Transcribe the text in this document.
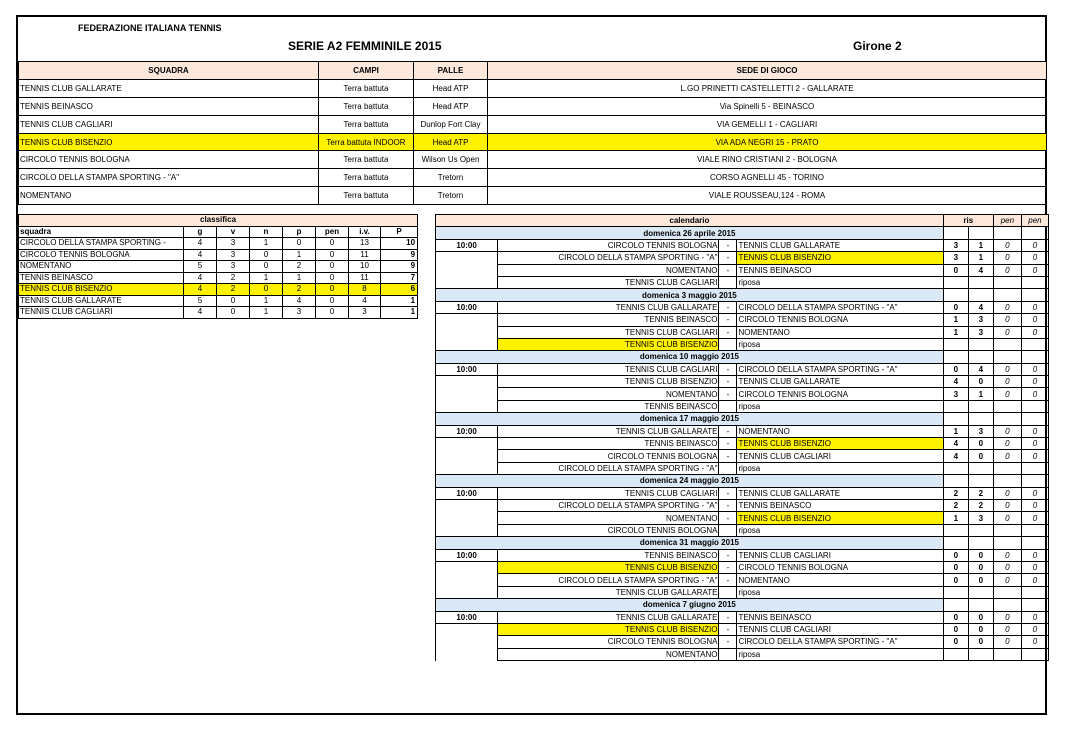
FEDERAZIONE ITALIANA TENNIS
SERIE A2 FEMMINILE 2015	Girone 2
SQUADRA	CAMPI	PALLE	SEDE DI GIOCO
TENNIS CLUB GALLARATE	Terra battuta	Head ATP	L.GO PRINETTI CASTELLETTI 2 - GALLARATE
TENNIS BEINASCO	Terra battuta	Head ATP	Via Spinelli 5 - BEINASCO
TENNIS CLUB CAGLIARI	Terra battuta	Dunlop Fort Clay	VIA GEMELLI 1 - CAGLIARI
TENNIS CLUB BISENZIO	Terra battuta INDOOR	Head ATP	VIA ADA NEGRI 15 - PRATO
CIRCOLO TENNIS BOLOGNA	Terra battuta	Wilson Us Open	VIALE RINO CRISTIANI 2 - BOLOGNA
CIRCOLO DELLA STAMPA SPORTING - "A"	Terra battuta	Tretorn	CORSO AGNELLI 45 - TORINO
NOMENTANO	Terra battuta	Tretorn	VIALE ROUSSEAU,124 - ROMA
classifica							
squadra	g	v	n	p	pen	i.v.	P
CIRCOLO DELLA STAMPA SPORTING -	4	3	1	0	0	13	10
CIRCOLO TENNIS BOLOGNA	4	3	0	1	0	11	9
NOMENTANO	5	3	0	2	0	10	9
TENNIS BEINASCO	4	2	1	1	0	11	7
TENNIS CLUB BISENZIO	4	2	0	2	0	8	6
TENNIS CLUB GALLARATE	5	0	1	4	0	4	1
TENNIS CLUB CAGLIARI	4	0	1	3	0	3	1
calendario				ris		pen	pen
domenica 26 aprile 2015							
10:00	CIRCOLO TENNIS BOLOGNA	-	TENNIS CLUB GALLARATE	3	1	0	0
	CIRCOLO DELLA STAMPA SPORTING - "A"	-	TENNIS CLUB BISENZIO	3	1	0	0
	NOMENTANO	-	TENNIS BEINASCO	0	4	0	0
	TENNIS CLUB CAGLIARI		riposa				
domenica 3 maggio 2015							
10:00	TENNIS CLUB GALLARATE	-	CIRCOLO DELLA STAMPA SPORTING - "A"	0	4	0	0
	TENNIS BEINASCO	-	CIRCOLO TENNIS BOLOGNA	1	3	0	0
	TENNIS CLUB CAGLIARI	-	NOMENTANO	1	3	0	0
	TENNIS CLUB BISENZIO		riposa				
domenica 10 maggio 2015							
10:00	TENNIS CLUB CAGLIARI	-	CIRCOLO DELLA STAMPA SPORTING - "A"	0	4	0	0
	TENNIS CLUB BISENZIO	-	TENNIS CLUB GALLARATE	4	0	0	0
	NOMENTANO	-	CIRCOLO TENNIS BOLOGNA	3	1	0	0
	TENNIS BEINASCO		riposa				
domenica 17 maggio 2015							
10:00	TENNIS CLUB GALLARATE	-	NOMENTANO	1	3	0	0
	TENNIS BEINASCO	-	TENNIS CLUB BISENZIO	4	0	0	0
	CIRCOLO TENNIS BOLOGNA	-	TENNIS CLUB CAGLIARI	4	0	0	0
	CIRCOLO DELLA STAMPA SPORTING - "A"		riposa				
domenica 24 maggio 2015							
10:00	TENNIS CLUB CAGLIARI	-	TENNIS CLUB GALLARATE	2	2	0	0
	CIRCOLO DELLA STAMPA SPORTING - "A"	-	TENNIS BEINASCO	2	2	0	0
	NOMENTANO	-	TENNIS CLUB BISENZIO	1	3	0	0
	CIRCOLO TENNIS BOLOGNA		riposa				
domenica 31 maggio 2015							
10:00	TENNIS BEINASCO	-	TENNIS CLUB CAGLIARI	0	0	0	0
	TENNIS CLUB BISENZIO	-	CIRCOLO TENNIS BOLOGNA	0	0	0	0
	CIRCOLO DELLA STAMPA SPORTING - "A"	-	NOMENTANO	0	0	0	0
	TENNIS CLUB GALLARATE		riposa				
domenica 7 giugno 2015							
10:00	TENNIS CLUB GALLARATE	-	TENNIS BEINASCO	0	0	0	0
	TENNIS CLUB BISENZIO	-	TENNIS CLUB CAGLIARI	0	0	0	0
	CIRCOLO TENNIS BOLOGNA	-	CIRCOLO DELLA STAMPA SPORTING - "A"	0	0	0	0
	NOMENTANO		riposa				
